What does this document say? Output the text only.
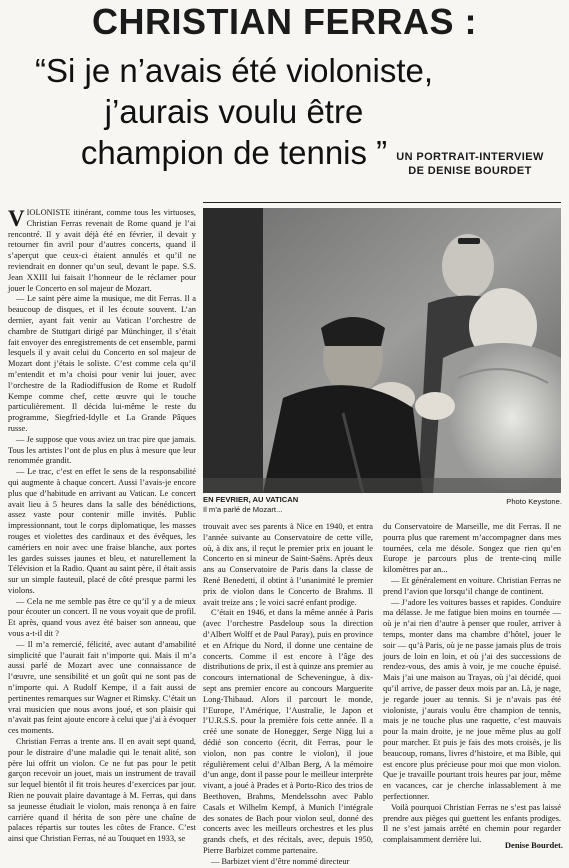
CHRISTIAN FERRAS :
“Si je n’avais été violoniste,
j’aurais voulu être
champion de tennis ” UN PORTRAIT-INTERVIEW
DE DENISE BOURDET

VIOLONISTE itinérant, comme tous les virtuoses, Christian Ferras revenait de Rome quand je l’ai rencontré. Il y avait déjà été en février, il devait y retourner fin avril pour d’autres concerts, quand il s’aperçut que ceux-ci étaient annulés et qu’il ne reviendrait en donner qu’un seul, devant le pape. S.S. Jean XXIII lui faisait l’honneur de le réclamer pour jouer le Concerto en sol majeur de Mozart.

— Le saint père aime la musique, me dit Ferras. Il a beaucoup de disques, et il les écoute souvent. L’an dernier, ayant fait venir au Vatican l’orchestre de chambre de Stuttgart dirigé par Münchinger, il s’était fait envoyer des enregistrements de cet ensemble, parmi lesquels il y avait celui du Concerto en sol majeur de Mozart dont j’étais le soliste. C’est comme cela qu’il m’entendit et m’a choisi pour venir lui jouer, avec l’orchestre de la Radiodiffusion de Rome et Rudolf Kempe comme chef, cette œuvre qui le touche particulièrement. Il décida lui-même le reste du programme, Siegfried-Idylle et La Grande Pâques russe.

— Je suppose que vous aviez un trac pire que jamais. Tous les artistes l’ont de plus en plus à mesure que leur renommée grandit.

— Le trac, c’est en effet le sens de la responsabilité qui augmente à chaque concert. Aussi l’avais-je encore plus que d’habitude en arrivant au Vatican. Le concert avait lieu à 5 heures dans la salle des bénédictions, assez vaste pour contenir mille invités. Public impressionnant, tout le corps diplomatique, les masses rouges et violettes des cardinaux et des évêques, les camériers en noir avec une fraise blanche, aux portes les gardes suisses jaunes et bleu, et naturellement la Télévision et la Radio. Quant au saint père, il était assis sur un simple fauteuil, placé de côté presque parmi les violons.

— Cela ne me semble pas être ce qu’il y a de mieux pour écouter un concert. Il ne vous voyait que de profil. Et après, quand vous avez été baiser son anneau, que vous a-t-il dit ?

— Il m’a remercié, félicité, avec autant d’amabilité simplicité que l’aurait fait n’importe qui. Mais il m’a aussi parlé de Mozart avec une connaissance de l’œuvre, une sensibilité et un goût qui ne sont pas de n’importe qui. A Rudolf Kempe, il a fait aussi de pertinentes remarques sur Wagner et Rimsky. C’était un vrai musicien que nous avons joué, et son plaisir qui n’avait pas feint ajoute encore à celui que j’ai à évoquer ces moments.

Christian Ferras a trente ans. Il en avait sept quand, pour le distraire d’une maladie qui le tenait alité, son père lui offrit un violon. Ce ne fut pas pour le petit garçon recevoir un jouet, mais un instrument de travail sur lequel bientôt il fit trois heures d’exercices par jour. Rien ne pouvait plaire davantage à M. Ferras, qui dans sa jeunesse étudiait le violon, mais renonça à en faire carrière quand il hérita de son père une chaîne de palaces répartis sur toutes les côtes de France. C’est ainsi que Christian Ferras, né au Touquet en 1933, se

EN FEVRIER, AU VATICAN
Il m’a parlé de Mozart...
Photo Keystone.

trouvait avec ses parents à Nice en 1940, et entra l’année suivante au Conservatoire de cette ville, où, à dix ans, il reçut le premier prix en jouant le Concerto en si mineur de Saint-Saëns. Après deux ans au Conservatoire de Paris dans la classe de René Benedetti, il obtint à l’unanimité le premier prix de violon dans le Concerto de Brahms. Il avait treize ans ; le voici sacré enfant prodige.

C’était en 1946, et dans la même année à Paris (avec l’orchestre Pasdeloup sous la direction d’Albert Wolff et de Paul Paray), puis en province et en Afrique du Nord, il donne une centaine de concerts. Comme il est encore à l’âge des distributions de prix, il est à quinze ans premier au concours international de Scheveningue, à dix-sept ans premier encore au concours Marguerite Long-Thibaud. Alors il parcourt le monde, l’Europe, l’Amérique, l’Australie, le Japon et l’U.R.S.S. pour la première fois cette année. Il a créé une sonate de Honegger, Serge Nigg lui a dédié son concerto (écrit, dit Ferras, pour le violon, non pas contre le violon), il joue régulièrement celui d’Alban Berg, A la mémoire d’un ange, dont il passe pour le meilleur interprète vivant, a joué à Prades et à Porto-Rico des trios de Beethoven, Brahms, Mendelssohn avec Pablo Casals et Wilhelm Kempf, à Munich l’intégrale des sonates de Bach pour violon seul, donné des concerts avec les meilleurs orchestres et les plus grands chefs, et des récitals, avec, depuis 1950, Pierre Barbizet comme partenaire.

— Barbizet vient d’être nommé directeur

du Conservatoire de Marseille, me dit Ferras. Il ne pourra plus que rarement m’accompagner dans mes tournées, cela me désole. Songez que rien qu’en Europe je parcours plus de trente-cinq mille kilomètres par an...

— Et généralement en voiture. Christian Ferras ne prend l’avion que lorsqu’il change de continent.

— J’adore les voitures basses et rapides. Conduire ma délasse. Je me fatigue bien moins en tournée — où je n’ai rien d’autre à penser que rouler, arriver à temps, monter dans ma chambre d’hôtel, jouer le soir — qu’à Paris, où je ne passe jamais plus de trois jours de loin en loin, et où j’ai des successions de rendez-vous, des amis à voir, je me couche épuisé. Mais j’ai une maison au Trayas, où j’ai décidé, quoi qu’il arrive, de passer deux mois par an. Là, je nage, je regarde jouer au tennis. Si je n’avais pas été violoniste, j’aurais voulu être champion de tennis, mais je ne touche plus une raquette, c’est mauvais pour la main droite, je ne joue même plus au golf pour marcher. Et puis je fais des mots croisés, je lis beaucoup, romans, livres d’histoire, et ma Bible, qui est encore plus précieuse pour moi que mon violon. Que je travaille pourtant trois heures par jour, même en vacances, car je cherche inlassablement à me perfectionner.

Voilà pourquoi Christian Ferras ne s’est pas laissé prendre aux pièges qui guettent les enfants prodiges. Il ne s’est jamais arrêté en chemin pour regarder complaisamment derrière lui.

Denise Bourdet.
